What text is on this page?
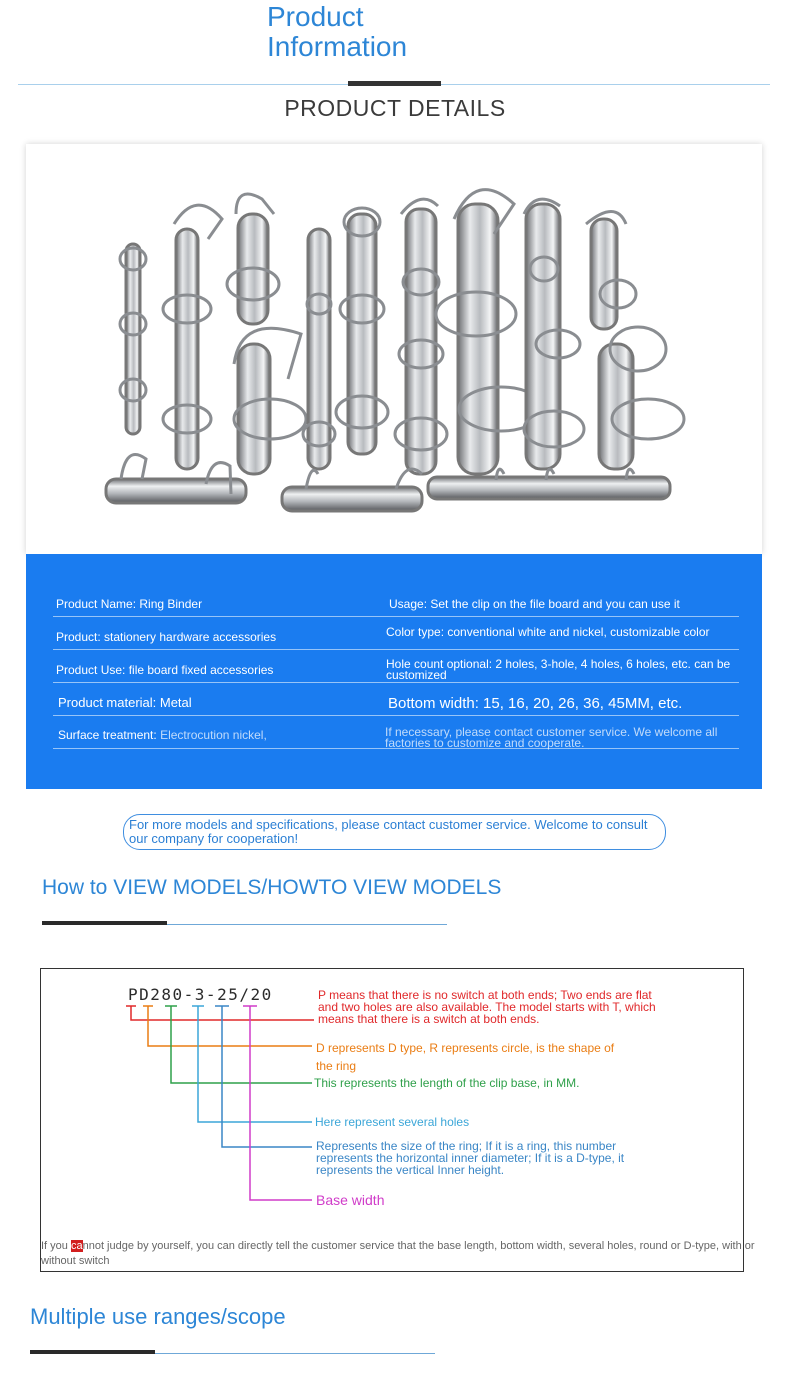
Product Information
PRODUCT DETAILS
Product Name: Ring Binder
Product: stationery hardware accessories
Product Use: file board fixed accessories
Product material: Metal
Surface treatment: Electrocution nickel,
Usage: Set the clip on the file board and you can use it
Color type: conventional white and nickel, customizable color
Hole count optional: 2 holes, 3-hole, 4 holes, 6 holes, etc. can be customized
Bottom width: 15, 16, 20, 26, 36, 45MM, etc.
If necessary, please contact customer service. We welcome all factories to customize and cooperate.
For more models and specifications, please contact customer service. Welcome to consult our company for cooperation!
How to VIEW MODELS/HOWTO VIEW MODELS
PD280-3-25/20	P means that there is no switch at both ends; Two ends are flat and two holes are also available. The model starts with T, which means that there is a switch at both ends.
D represents D type, R represents circle, is the shape of the ring
This represents the length of the clip base, in MM.
Here represent several holes
Represents the size of the ring; If it is a ring, this number represents the horizontal inner diameter; If it is a D-type, it represents the vertical Inner height.
Base width
If you cannot judge by yourself, you can directly tell the customer service that the base length, bottom width, several holes, round or D-type, with or without switch
Multiple use ranges/scope
